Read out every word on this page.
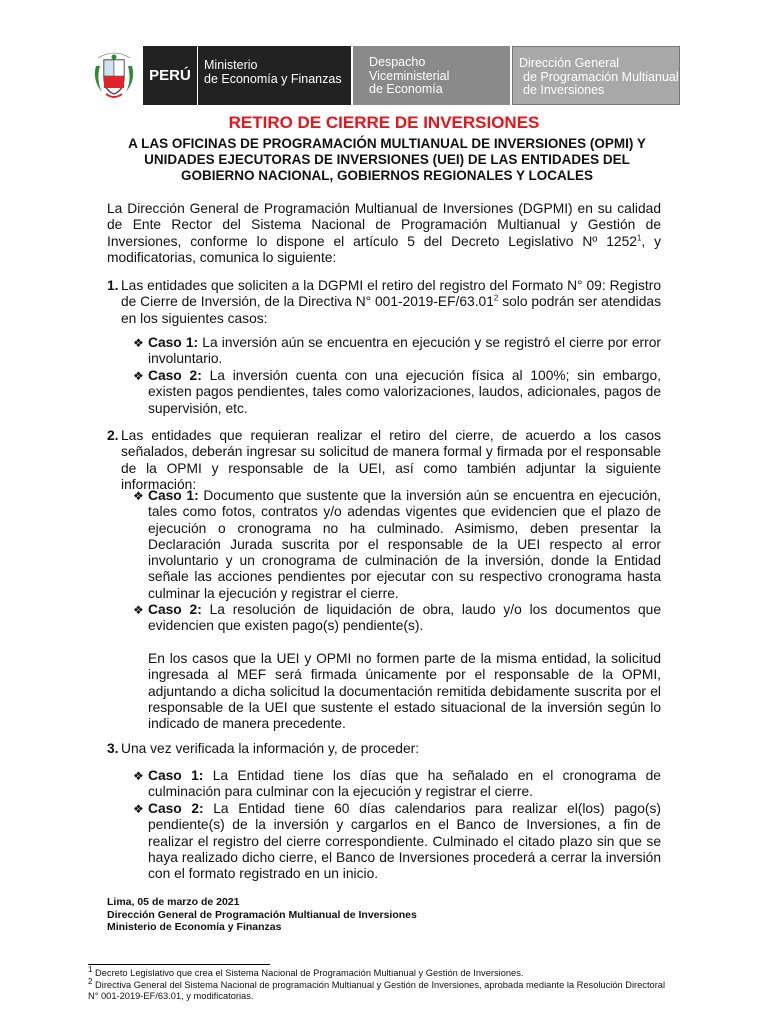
PERÚ
Ministerio
de Economía y Finanzas
Despacho
Viceministerial
de Economía
Dirección General
de Programación Multianual
de Inversiones
RETIRO DE CIERRE DE INVERSIONES
A LAS OFICINAS DE PROGRAMACIÓN MULTIANUAL DE INVERSIONES (OPMI) Y UNIDADES EJECUTORAS DE INVERSIONES (UEI) DE LAS ENTIDADES DEL GOBIERNO NACIONAL, GOBIERNOS REGIONALES Y LOCALES
La Dirección General de Programación Multianual de Inversiones (DGPMI) en su calidad de Ente Rector del Sistema Nacional de Programación Multianual y Gestión de Inversiones, conforme lo dispone el artículo 5 del Decreto Legislativo Nº 1252$^1$, y modificatorias, comunica lo siguiente:
1. Las entidades que soliciten a la DGPMI el retiro del registro del Formato N° 09: Registro de Cierre de Inversión, de la Directiva N° 001-2019-EF/63.01$^2$ solo podrán ser atendidas en los siguientes casos:
❖ Caso 1: La inversión aún se encuentra en ejecución y se registró el cierre por error involuntario.
❖ Caso 2: La inversión cuenta con una ejecución física al 100%; sin embargo, existen pagos pendientes, tales como valorizaciones, laudos, adicionales, pagos de supervisión, etc.
2. Las entidades que requieran realizar el retiro del cierre, de acuerdo a los casos señalados, deberán ingresar su solicitud de manera formal y firmada por el responsable de la OPMI y responsable de la UEI, así como también adjuntar la siguiente información:
❖ Caso 1: Documento que sustente que la inversión aún se encuentra en ejecución, tales como fotos, contratos y/o adendas vigentes que evidencien que el plazo de ejecución o cronograma no ha culminado. Asimismo, deben presentar la Declaración Jurada suscrita por el responsable de la UEI respecto al error involuntario y un cronograma de culminación de la inversión, donde la Entidad señale las acciones pendientes por ejecutar con su respectivo cronograma hasta culminar la ejecución y registrar el cierre.
❖ Caso 2: La resolución de liquidación de obra, laudo y/o los documentos que evidencien que existen pago(s) pendiente(s).
En los casos que la UEI y OPMI no formen parte de la misma entidad, la solicitud ingresada al MEF será firmada únicamente por el responsable de la OPMI, adjuntando a dicha solicitud la documentación remitida debidamente suscrita por el responsable de la UEI que sustente el estado situacional de la inversión según lo indicado de manera precedente.
3. Una vez verificada la información y, de proceder:
❖ Caso 1: La Entidad tiene los días que ha señalado en el cronograma de culminación para culminar con la ejecución y registrar el cierre.
❖ Caso 2: La Entidad tiene 60 días calendarios para realizar el(los) pago(s) pendiente(s) de la inversión y cargarlos en el Banco de Inversiones, a fin de realizar el registro del cierre correspondiente. Culminado el citado plazo sin que se haya realizado dicho cierre, el Banco de Inversiones procederá a cerrar la inversión con el formato registrado en un inicio.
Lima, 05 de marzo de 2021
Dirección General de Programación Multianual de Inversiones
Ministerio de Economía y Finanzas
$^1$ Decreto Legislativo que crea el Sistema Nacional de Programación Multianual y Gestión de Inversiones.
$^2$ Directiva General del Sistema Nacional de programación Multianual y Gestión de Inversiones, aprobada mediante la Resolución Directoral N° 001-2019-EF/63.01, y modificatorias.
